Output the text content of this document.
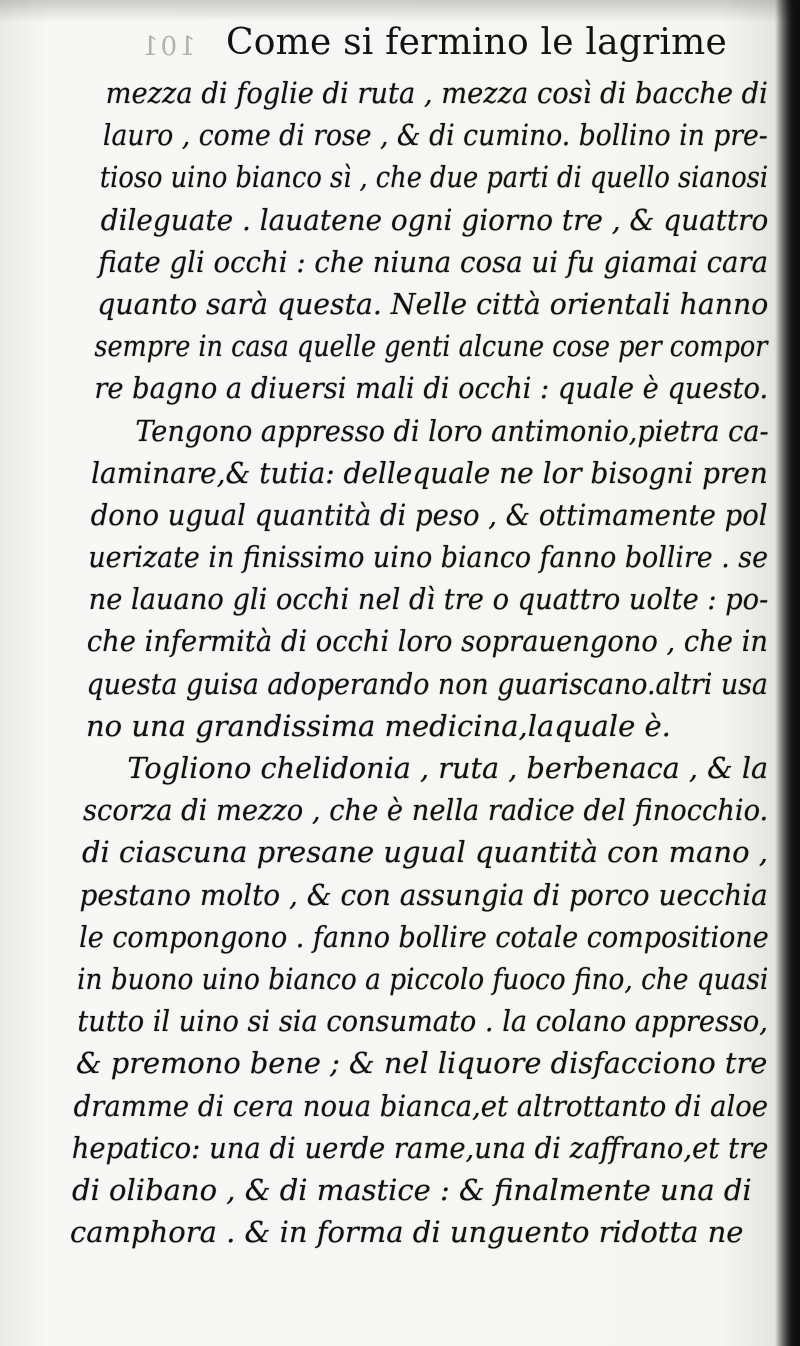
101 Come si fermino le lagrime
mezza di foglie di ruta , mezza così di bacche di
lauro , come di rose , & di cumino. bollino in pre-
tioso uino bianco sì , che due parti di quello sianosi
dileguate . lauatene ogni giorno tre , & quattro
fiate gli occhi : che niuna cosa ui fu giamai cara
quanto sarà questa. Nelle città orientali hanno
sempre in casa quelle genti alcune cose per compor
re bagno a diuersi mali di occhi : quale è questo.
Tengono appresso di loro antimonio,pietra ca-
laminare,& tutia: dellequale ne lor bisogni pren
dono ugual quantità di peso , & ottimamente pol
uerizate in finissimo uino bianco fanno bollire . se
ne lauano gli occhi nel dì tre o quattro uolte : po-
che infermità di occhi loro soprauengono , che in
questa guisa adoperando non guariscano.altri usa
no una grandissima medicina,laquale è.
Togliono chelidonia , ruta , berbenaca , & la
scorza di mezzo , che è nella radice del finocchio.
di ciascuna presane ugual quantità con mano ,
pestano molto , & con assungia di porco uecchia
le compongono . fanno bollire cotale compositione
in buono uino bianco a piccolo fuoco fino, che quasi
tutto il uino si sia consumato . la colano appresso,
& premono bene ; & nel liquore disfacciono tre
dramme di cera noua bianca,et altrottanto di aloe
hepatico: una di uerde rame,una di zaffrano,et tre
di olibano , & di mastice : & finalmente una di
camphora . & in forma di unguento ridotta ne
